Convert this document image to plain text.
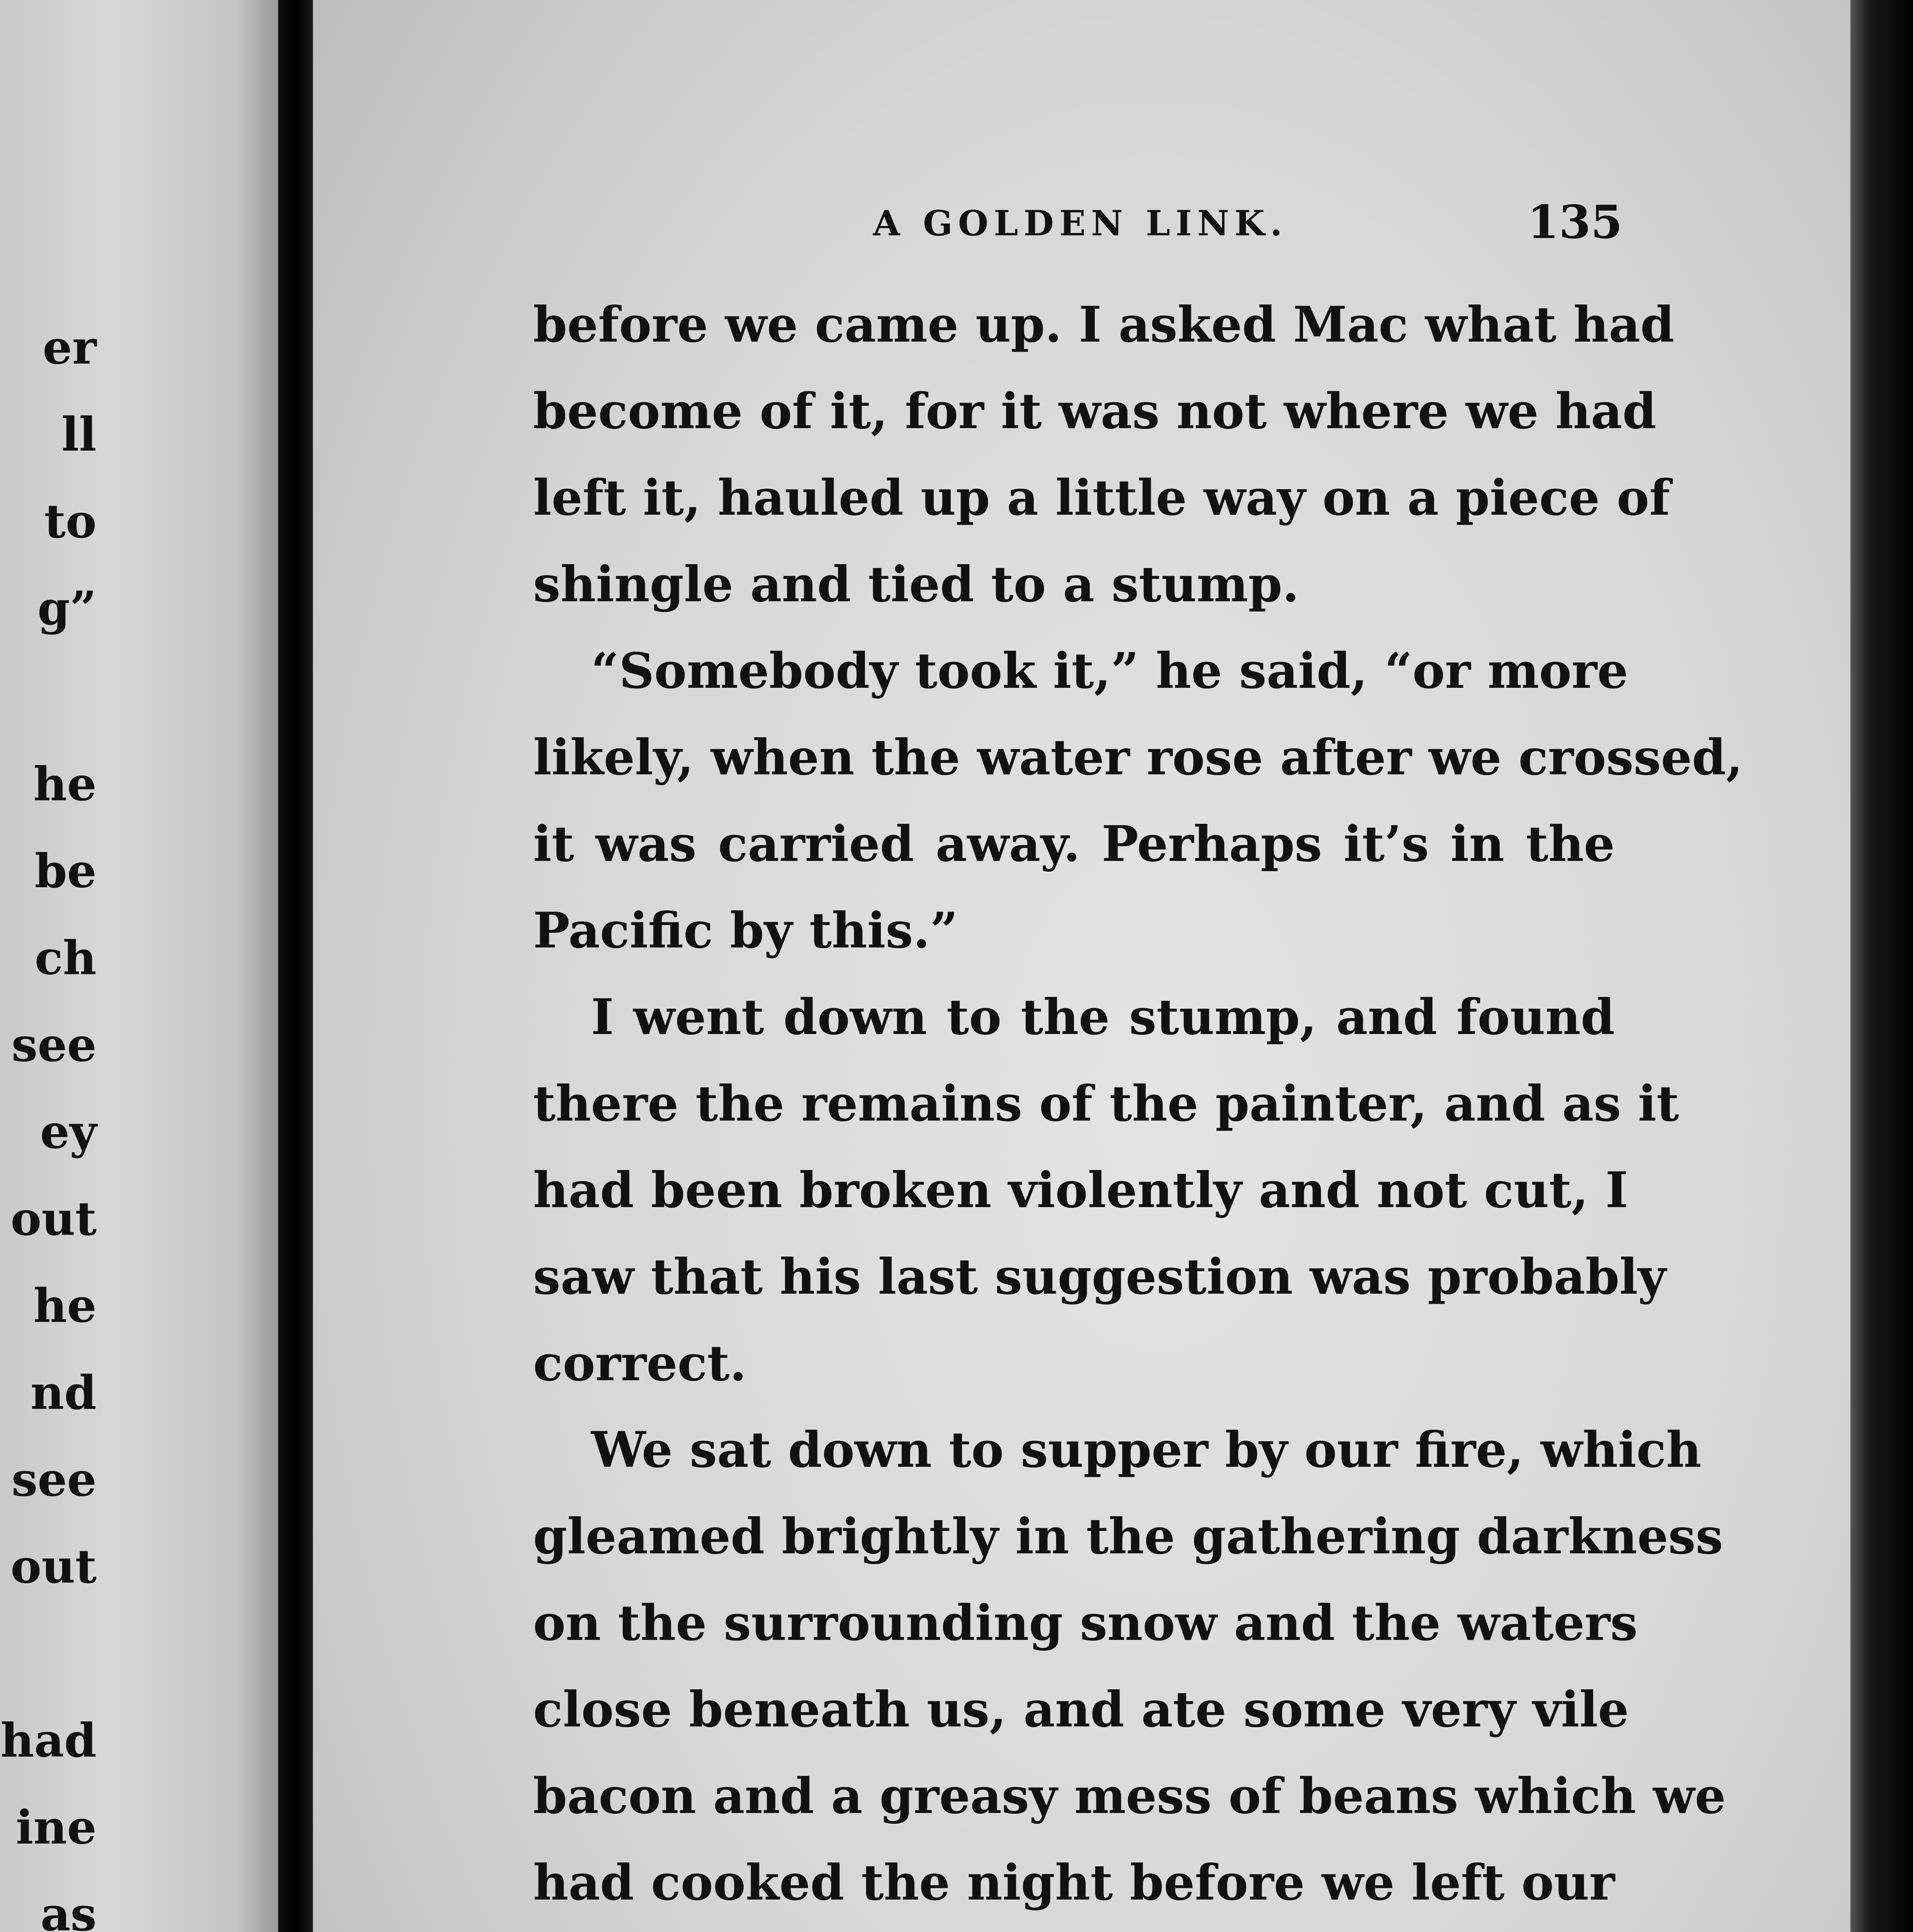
er
ll
to
g”
he
be
ch
see
ey
out
he
nd
see
out
had
ine
as
A GOLDEN LINK.	135
before we came up. I asked Mac what had
become of it, for it was not where we had
left it, hauled up a little way on a piece of
shingle and tied to a stump.
“Somebody took it,” he said, “or more
likely, when the water rose after we crossed,
it was carried away. Perhaps it’s in the
Pacific by this.”
I went down to the stump, and found
there the remains of the painter, and as it
had been broken violently and not cut, I
saw that his last suggestion was probably
correct.
We sat down to supper by our fire, which
gleamed brightly in the gathering darkness
on the surrounding snow and the waters
close beneath us, and ate some very vile
bacon and a greasy mess of beans which we
had cooked the night before we left our
